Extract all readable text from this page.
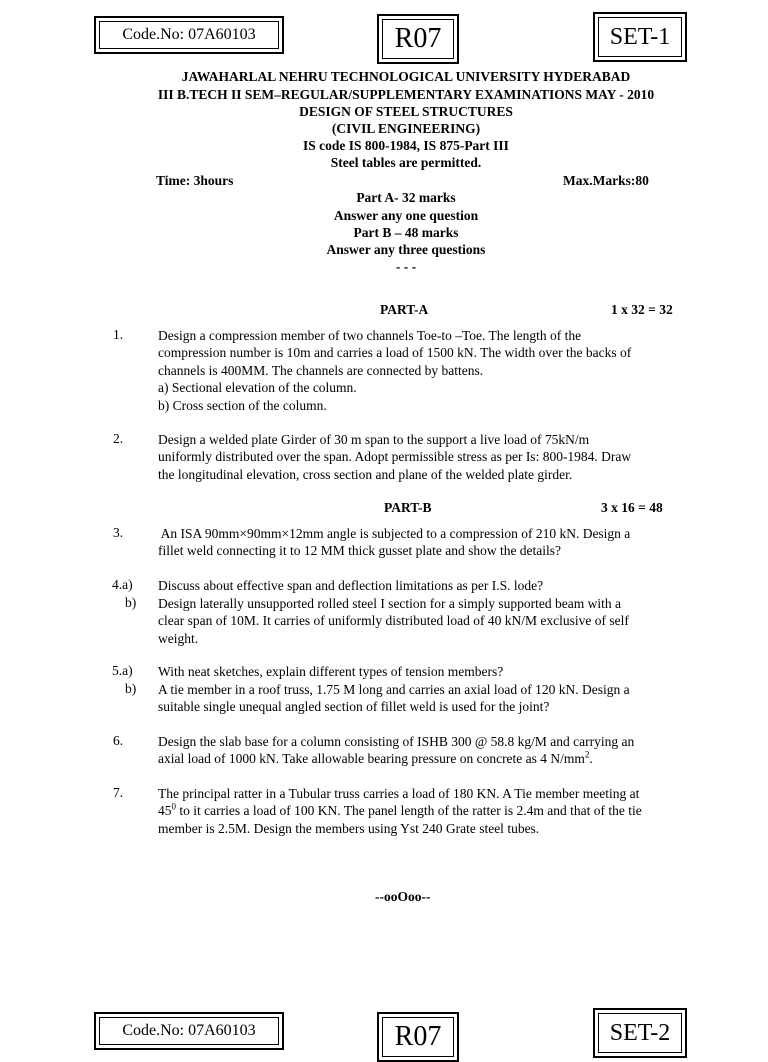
Code.No: 07A60103	R07	SET-1
JAWAHARLAL NEHRU TECHNOLOGICAL UNIVERSITY HYDERABAD
III B.TECH II SEM–REGULAR/SUPPLEMENTARY EXAMINATIONS MAY - 2010
DESIGN OF STEEL STRUCTURES
(CIVIL ENGINEERING)
IS code IS 800-1984, IS 875-Part III
Steel tables are permitted.
Time: 3hours	Max.Marks:80
Part A- 32 marks
Answer any one question
Part B – 48 marks
Answer any three questions
- - -
PART-A	1 x 32 = 32
1.	Design a compression member of two channels Toe-to –Toe. The length of the
compression number is 10m and carries a load of 1500 kN. The width over the backs of
channels is 400MM. The channels are connected by battens.
a) Sectional elevation of the column.
b) Cross section of the column.
2.	Design a welded plate Girder of 30 m span to the support a live load of 75kN/m
uniformly distributed over the span. Adopt permissible stress as per Is: 800-1984. Draw
the longitudinal elevation, cross section and plane of the welded plate girder.
PART-B	3 x 16 = 48
3.	An ISA 90mm×90mm×12mm angle is subjected to a compression of 210 kN. Design a
fillet weld connecting it to 12 MM thick gusset plate and show the details?
4.a) Discuss about effective span and deflection limitations as per I.S. lode?
b) Design laterally unsupported rolled steel I section for a simply supported beam with a
clear span of 10M. It carries of uniformly distributed load of 40 kN/M exclusive of self
weight.
5.a) With neat sketches, explain different types of tension members?
b) A tie member in a roof truss, 1.75 M long and carries an axial load of 120 kN. Design a
suitable single unequal angled section of fillet weld is used for the joint?
6.	Design the slab base for a column consisting of ISHB 300 @ 58.8 kg/M and carrying an
axial load of 1000 kN. Take allowable bearing pressure on concrete as 4 $N/mm^2$.
7.	The principal ratter in a Tubular truss carries a load of 180 KN. A Tie member meeting at
$45^0$ to it carries a load of 100 KN. The panel length of the ratter is 2.4m and that of the tie
member is 2.5M. Design the members using Yst 240 Grate steel tubes.
--ooOoo--
Code.No: 07A60103	R07	SET-2
